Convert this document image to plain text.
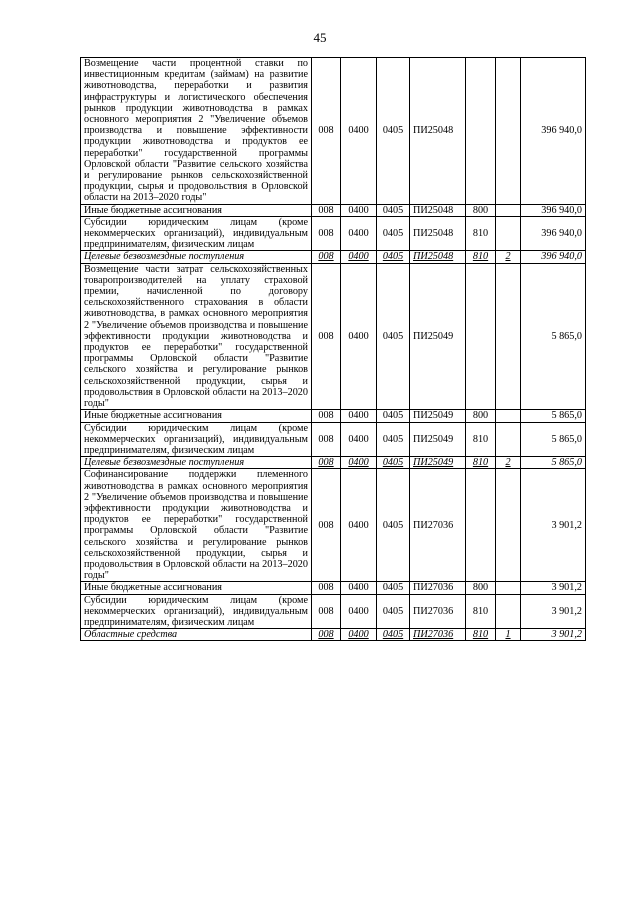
45
Возмещение части процентной ставки по инвестиционным кредитам (займам) на развитие животноводства, переработки и развития инфраструктуры и логистического обеспечения рынков продукции животноводства в рамках основного мероприятия 2 "Увеличение объемов производства и повышение эффективности продукции животноводства и продуктов ее переработки" государственной программы Орловской области "Развитие сельского хозяйства и регулирование рынков сельскохозяйственной продукции, сырья и продовольствия в Орловской области на 2013–2020 годы"	008	0400	0405	ПИ25048			396 940,0
Иные бюджетные ассигнования	008	0400	0405	ПИ25048	800		396 940,0
Субсидии юридическим лицам (кроме некоммерческих организаций), индивидуальным предпринимателям, физическим лицам	008	0400	0405	ПИ25048	810		396 940,0
Целевые безвозмездные поступления	008	0400	0405	ПИ25048	810	2	396 940,0
Возмещение части затрат сельскохозяйственных товаропроизводителей на уплату страховой премии, начисленной по договору сельскохозяйственного страхования в области животноводства, в рамках основного мероприятия 2 "Увеличение объемов производства и повышение эффективности продукции животноводства и продуктов ее переработки" государственной программы Орловской области "Развитие сельского хозяйства и регулирование рынков сельскохозяйственной продукции, сырья и продовольствия в Орловской области на 2013–2020 годы"	008	0400	0405	ПИ25049			5 865,0
Иные бюджетные ассигнования	008	0400	0405	ПИ25049	800		5 865,0
Субсидии юридическим лицам (кроме некоммерческих организаций), индивидуальным предпринимателям, физическим лицам	008	0400	0405	ПИ25049	810		5 865,0
Целевые безвозмездные поступления	008	0400	0405	ПИ25049	810	2	5 865,0
Софинансирование поддержки племенного животноводства в рамках основного мероприятия 2 "Увеличение объемов производства и повышение эффективности продукции животноводства и продуктов ее переработки" государственной программы Орловской области "Развитие сельского хозяйства и регулирование рынков сельскохозяйственной продукции, сырья и продовольствия в Орловской области на 2013–2020 годы"	008	0400	0405	ПИ27036			3 901,2
Иные бюджетные ассигнования	008	0400	0405	ПИ27036	800		3 901,2
Субсидии юридическим лицам (кроме некоммерческих организаций), индивидуальным предпринимателям, физическим лицам	008	0400	0405	ПИ27036	810		3 901,2
Областные средства	008	0400	0405	ПИ27036	810	1	3 901,2
